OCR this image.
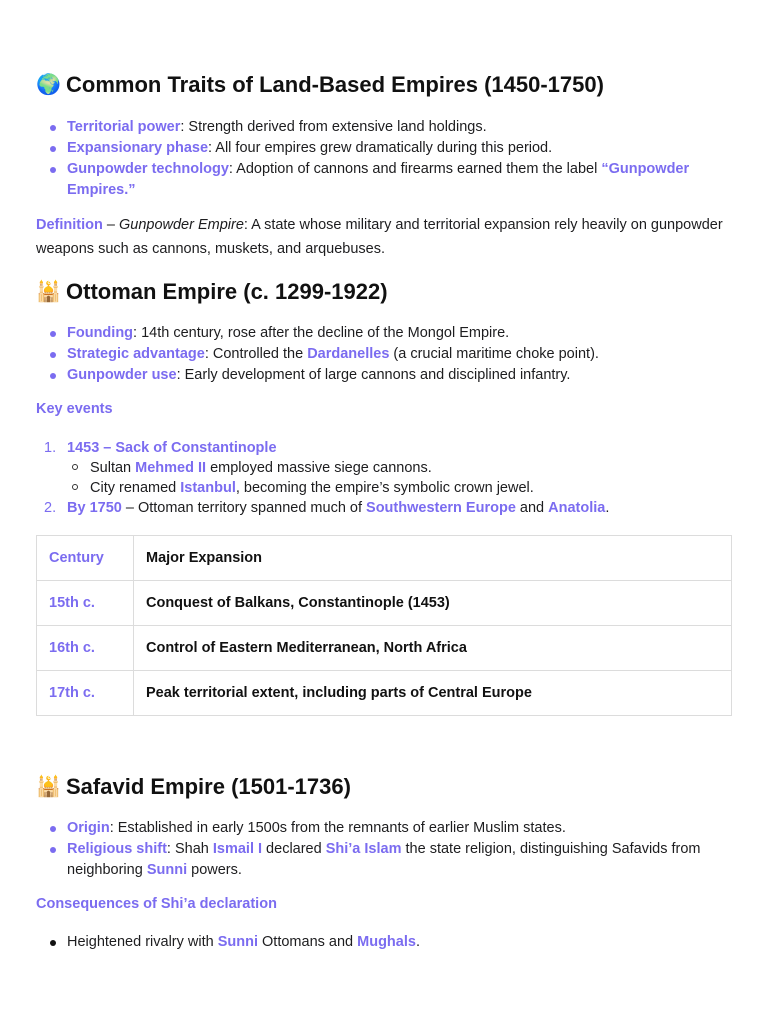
🌍 Common Traits of Land-Based Empires (1450-1750)
Territorial power: Strength derived from extensive land holdings.
Expansionary phase: All four empires grew dramatically during this period.
Gunpowder technology: Adoption of cannons and firearms earned them the label “Gunpowder Empires.”
Definition – Gunpowder Empire: A state whose military and territorial expansion rely heavily on gunpowder weapons such as cannons, muskets, and arquebuses.
🕌 Ottoman Empire (c. 1299-1922)
Founding: 14th century, rose after the decline of the Mongol Empire.
Strategic advantage: Controlled the Dardanelles (a crucial maritime choke point).
Gunpowder use: Early development of large cannons and disciplined infantry.
Key events
1. 1453 – Sack of Constantinople
Sultan Mehmed II employed massive siege cannons.
City renamed Istanbul, becoming the empire’s symbolic crown jewel.
2. By 1750 – Ottoman territory spanned much of Southwestern Europe and Anatolia.
Century	Major Expansion
15th c.	Conquest of Balkans, Constantinople (1453)
16th c.	Control of Eastern Mediterranean, North Africa
17th c.	Peak territorial extent, including parts of Central Europe
🕌 Safavid Empire (1501-1736)
Origin: Established in early 1500s from the remnants of earlier Muslim states.
Religious shift: Shah Ismail I declared Shi’a Islam the state religion, distinguishing Safavids from neighboring Sunni powers.
Consequences of Shi’a declaration
Heightened rivalry with Sunni Ottomans and Mughals.
